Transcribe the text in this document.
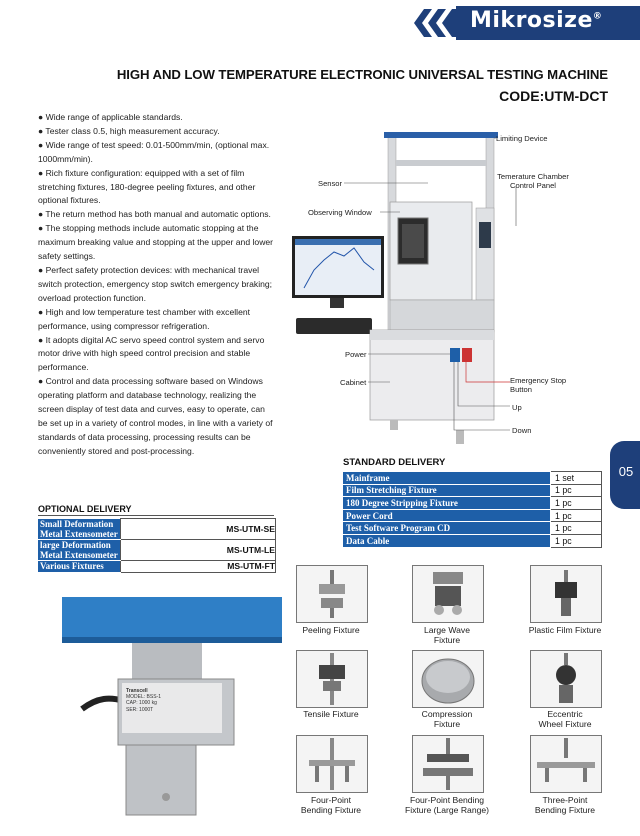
Mikrosize®
HIGH AND LOW TEMPERATURE ELECTRONIC UNIVERSAL TESTING MACHINE
CODE:UTM-DCT

● Wide range of applicable standards.

● Tester class 0.5, high measurement accuracy.

● Wide range of test speed: 0.01-500mm/min, (optional max. 1000mm/min).

● Rich fixture configuration: equipped with a set of film stretching fixtures, 180-degree peeling fixtures, and other optional fixtures.

● The return method has both manual and automatic options.

● The stopping methods include automatic stopping at the maximum breaking value and stopping at the upper and lower safety settings.

● Perfect safety protection devices: with mechanical travel switch protection, emergency stop switch emergency braking; overload protection function.

● High and low temperature test chamber with excellent performance, using compressor refrigeration.

● It adopts digital AC servo speed control system and servo motor drive with high speed control precision and stable performance.

● Control and data processing software based on Windows operating platform and database technology, realizing the screen display of test data and curves, easy to operate, can be set up in a variety of control modes, in line with a variety of standards of data processing, processing results can be conveniently stored and post-processing.

Limiting Device
Sensor
Temerature Chamber
Control Panel
Observing Window
Power
Cabinet	Emergency Stop
Button
Up
Down
05
STANDARD DELIVERY
Mainframe	1 set
Film Stretching Fixture	1 pc
180 Degree Stripping Fixture	1 pc
Power Cord	1 pc
Test Software Program CD	1 pc
Data Cable	1 pc
OPTIONAL DELIVERY
Small Deformation Metal Extensometer	MS-UTM-SE
large Deformation Metal Extensometer	MS-UTM-LE
Various Fixtures	MS-UTM-FT
Transcell
MODEL: BSS-1
CAP: 1000 kg
SER: 1000T
Peeling Fixture	Large Wave
Fixture
Plastic Film Fixture
Tensile Fixture	Compression
Fixture
Eccentric
Wheel Fixture
Four-Point
Bending Fixture
Four-Point Bending
Fixture (Large Range)
Three-Point
Bending Fixture
